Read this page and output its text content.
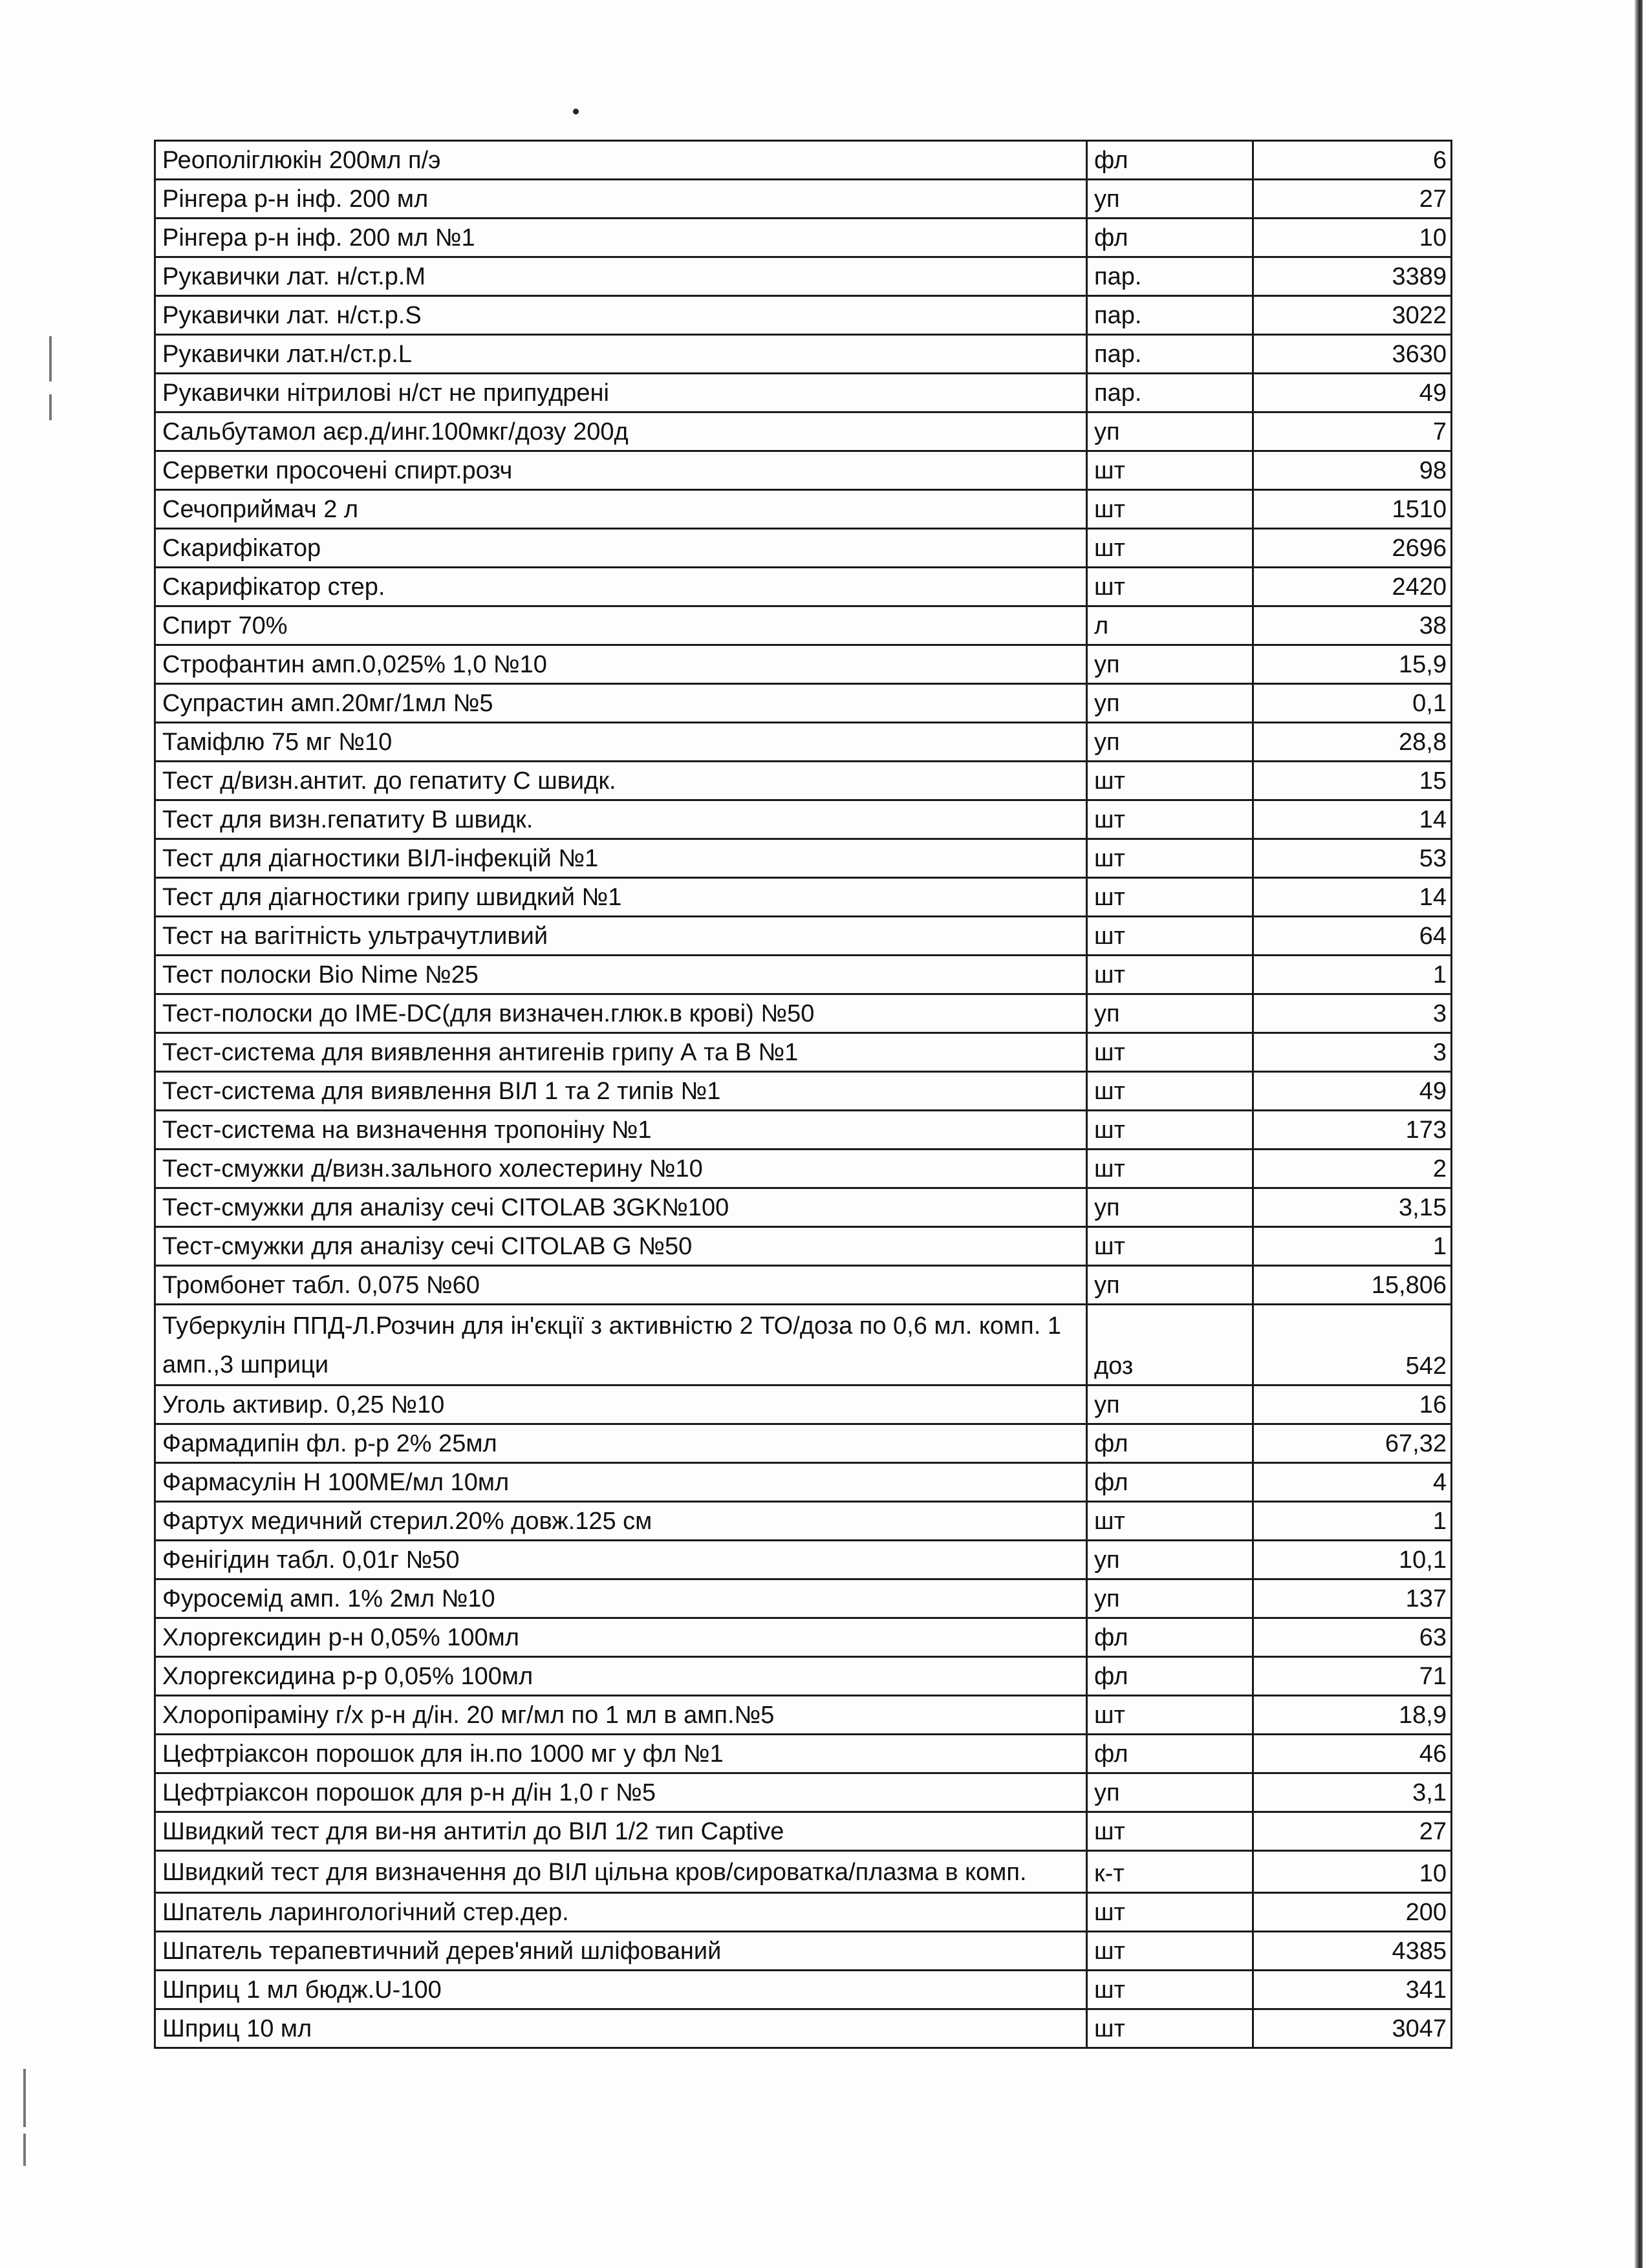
Реополіглюкін 200мл п/э	фл	6
Рінгера р-н інф. 200 мл	уп	27
Рінгера р-н інф. 200 мл №1	фл	10
Рукавички лат. н/ст.р.M	пар.	3389
Рукавички лат. н/ст.р.S	пар.	3022
Рукавички лат.н/ст.р.L	пар.	3630
Рукавички нітрилові н/ст не припудрені	пар.	49
Сальбутамол аєр.д/инг.100мкг/дозу 200д	уп	7
Серветки просочені спирт.розч	шт	98
Сечоприймач 2 л	шт	1510
Скарифікатор	шт	2696
Скарифікатор стер.	шт	2420
Спирт 70%	л	38
Строфантин амп.0,025% 1,0 №10	уп	15,9
Супрастин амп.20мг/1мл №5	уп	0,1
Таміфлю 75 мг №10	уп	28,8
Тест д/визн.антит. до гепатиту С швидк.	шт	15
Тест для визн.гепатиту В швидк.	шт	14
Тест для діагностики ВІЛ-інфекцій №1	шт	53
Тест для діагностики грипу швидкий №1	шт	14
Тест на вагітність ультрачутливий	шт	64
Тест полоски Bio Nime №25	шт	1
Тест-полоски до IME-DC(для визначен.глюк.в крові) №50	уп	3
Тест-система для виявлення антигенів грипу А та В №1	шт	3
Тест-система для виявлення ВІЛ 1 та 2 типів №1	шт	49
Тест-система на визначення тропоніну №1	шт	173
Тест-смужки д/визн.зального холестерину №10	шт	2
Тест-смужки для аналізу сечі CITOLAB 3GK№100	уп	3,15
Тест-смужки для аналізу сечі CITOLAB G №50	шт	1
Тромбонет табл. 0,075 №60	уп	15,806
Туберкулін ППД-Л.Розчин для ін'єкції з активністю 2 ТО/доза по 0,6 мл. комп. 1 амп.,3 шприци	доз	542
Уголь активир. 0,25 №10	уп	16
Фармадипін фл. р-р 2% 25мл	фл	67,32
Фармасулін Н 100МЕ/мл 10мл	фл	4
Фартух медичний стерил.20% довж.125 см	шт	1
Фенігідин табл. 0,01г №50	уп	10,1
Фуросемід амп. 1% 2мл №10	уп	137
Хлоргексидин р-н 0,05% 100мл	фл	63
Хлоргексидина р-р 0,05% 100мл	фл	71
Хлоропіраміну г/х р-н д/ін. 20 мг/мл по 1 мл в амп.№5	шт	18,9
Цефтріаксон порошок для ін.по 1000 мг у фл №1	фл	46
Цефтріаксон порошок для р-н д/ін 1,0 г №5	уп	3,1
Швидкий тест для ви-ня антитіл до ВІЛ 1/2 тип Captive	шт	27
Швидкий тест для визначення до ВІЛ цільна кров/сироватка/плазма в комп.	к-т	10
Шпатель ларингологічний стер.дер.	шт	200
Шпатель терапевтичний дерев'яний шліфований	шт	4385
Шприц 1 мл бюдж.U-100	шт	341
Шприц 10 мл	шт	3047
